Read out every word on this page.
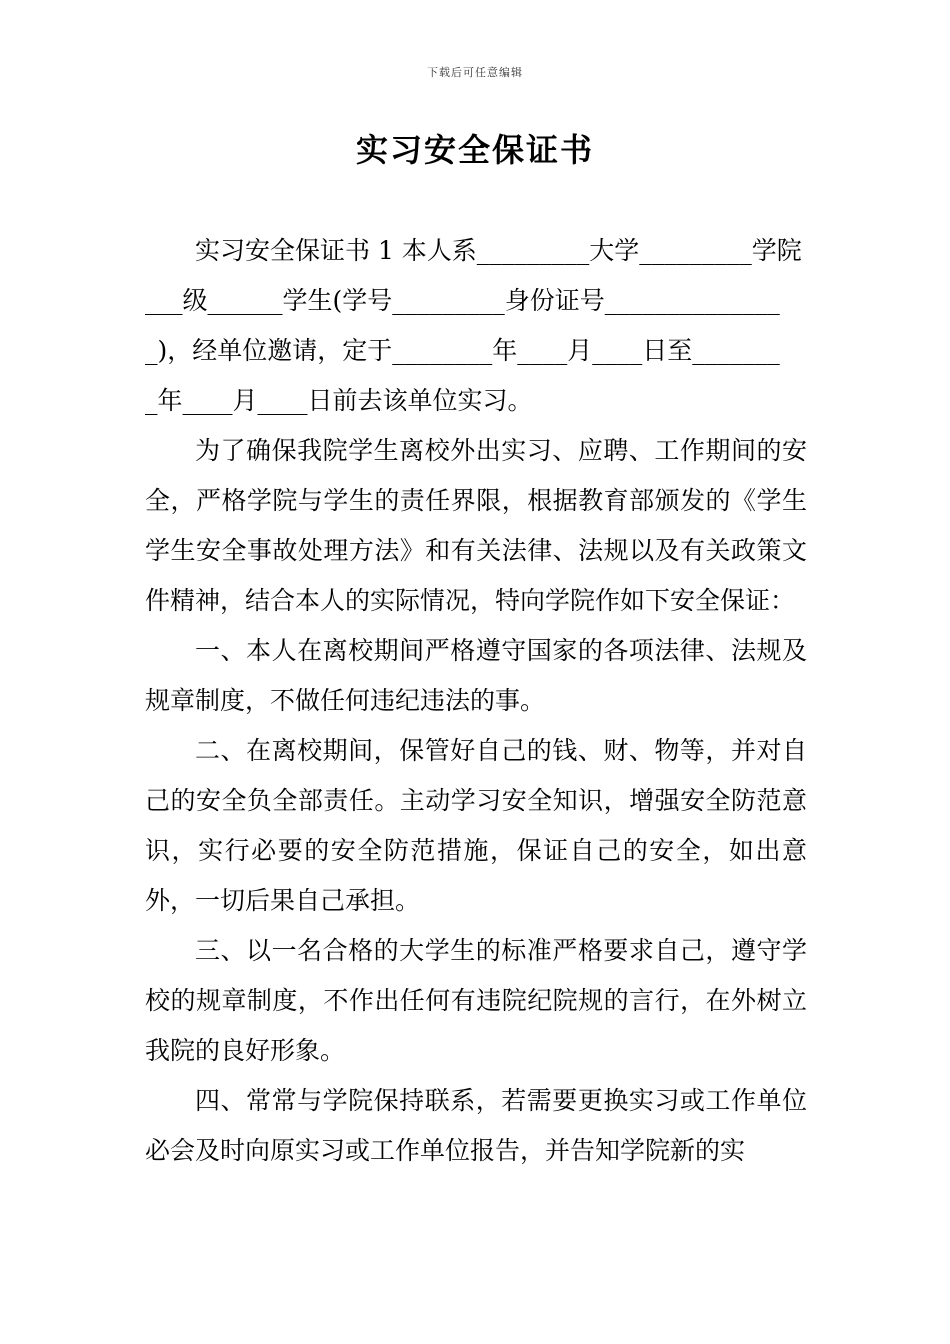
下载后可任意编辑
实习安全保证书
实习安全保证书 1 本人系_________大学_________学院
___级______学生(学号_________身份证号______________
_)，经单位邀请，定于________年____月____日至_______
_年____月____日前去该单位实习。

为了确保我院学生离校外出实习、应聘、工作期间的安全，严格学院与学生的责任界限，根据教育部颁发的《学生学生安全事故处理方法》和有关法律、法规以及有关政策文件精神，结合本人的实际情况，特向学院作如下安全保证：

一、本人在离校期间严格遵守国家的各项法律、法规及规章制度，不做任何违纪违法的事。

二、在离校期间，保管好自己的钱、财、物等，并对自己的安全负全部责任。主动学习安全知识，增强安全防范意识，实行必要的安全防范措施，保证自己的安全，如出意外，一切后果自己承担。

三、以一名合格的大学生的标准严格要求自己，遵守学校的规章制度，不作出任何有违院纪院规的言行，在外树立我院的良好形象。

四、常常与学院保持联系，若需要更换实习或工作单位必会及时向原实习或工作单位报告，并告知学院新的实
